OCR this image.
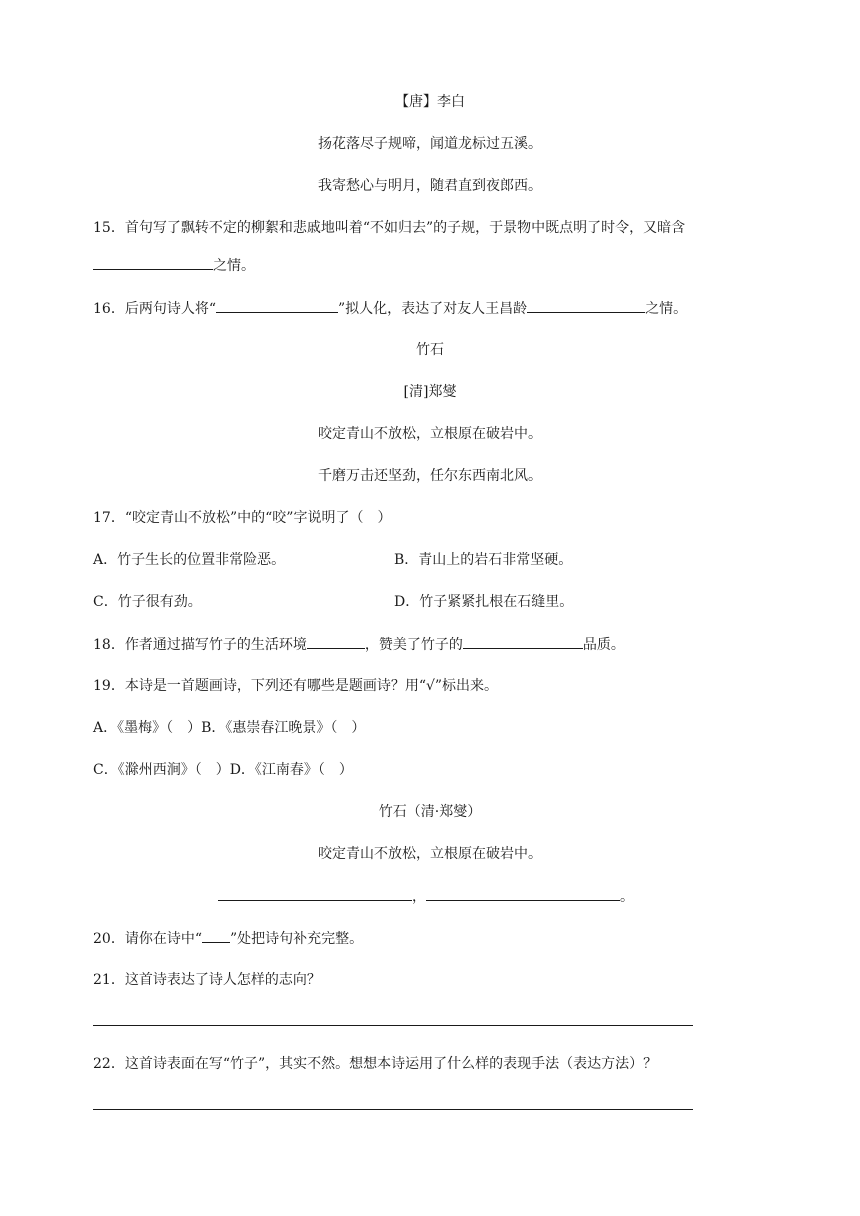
【唐】李白
扬花落尽子规啼，闻道龙标过五溪。
我寄愁心与明月，随君直到夜郎西。
15．首句写了飘转不定的柳絮和悲戚地叫着“不如归去”的子规，于景物中既点明了时令，又暗含
之情。
16．后两句诗人将“	”拟人化，表达了对友人王昌龄	之情。
竹石
[清]郑燮
咬定青山不放松，立根原在破岩中。
千磨万击还坚劲，任尔东西南北风。
17．“咬定青山不放松”中的“咬”字说明了（　）
A．竹子生长的位置非常险恶。	B．青山上的岩石非常坚硬。
C．竹子很有劲。	D．竹子紧紧扎根在石缝里。
18．作者通过描写竹子的生活环境	，赞美了竹子的	品质。
19．本诗是一首题画诗，下列还有哪些是题画诗？用“√”标出来。
A．《墨梅》（　）B．《惠崇春江晚景》（　）
C．《滁州西涧》（　）D．《江南春》（　）
竹石（清·郑燮）
咬定青山不放松，立根原在破岩中。
，	。
20．请你在诗中“ ”处把诗句补充完整。
21．这首诗表达了诗人怎样的志向？
22．这首诗表面在写“竹子”，其实不然。想想本诗运用了什么样的表现手法（表达方法）？
